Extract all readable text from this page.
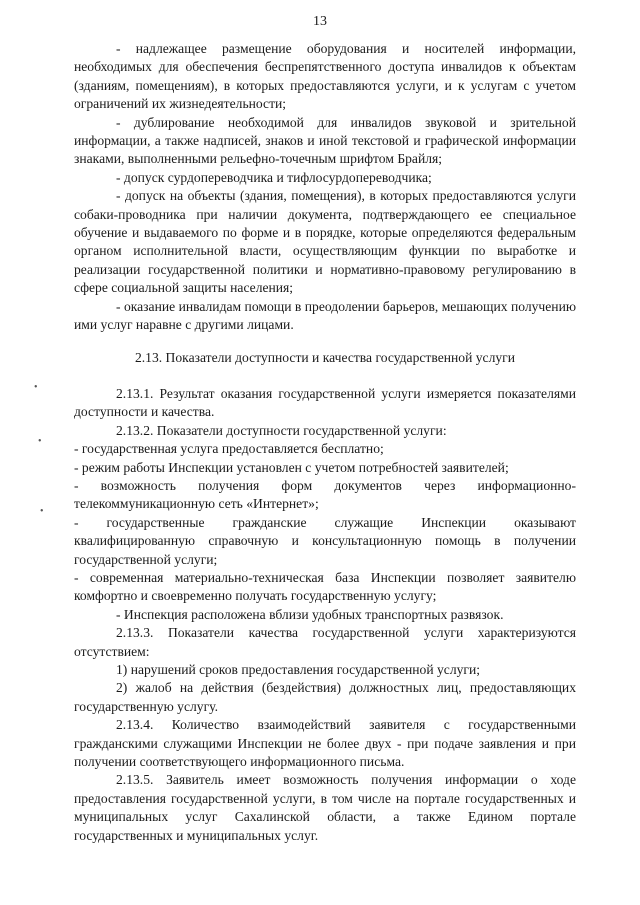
13
•
•
•
- надлежащее размещение оборудования и носителей информации, необходимых для обеспечения беспрепятственного доступа инвалидов к объектам (зданиям, помещениям), в которых предоставляются услуги, и к услугам с учетом ограничений их жизнедеятельности;
- дублирование необходимой для инвалидов звуковой и зрительной информации, а также надписей, знаков и иной текстовой и графической информации знаками, выполненными рельефно-точечным шрифтом Брайля;
- допуск сурдопереводчика и тифлосурдопереводчика;
- допуск на объекты (здания, помещения), в которых предоставляются услуги собаки-проводника при наличии документа, подтверждающего ее специальное обучение и выдаваемого по форме и в порядке, которые определяются федеральным органом исполнительной власти, осуществляющим функции по выработке и реализации государственной политики и нормативно-правовому регулированию в сфере социальной защиты населения;
- оказание инвалидам помощи в преодолении барьеров, мешающих получению ими услуг наравне с другими лицами.
2.13. Показатели доступности и качества государственной услуги
2.13.1. Результат оказания государственной услуги измеряется показателями доступности и качества.
2.13.2. Показатели доступности государственной услуги:
- государственная услуга предоставляется бесплатно;
- режим работы Инспекции установлен с учетом потребностей заявителей;
- возможность получения форм документов через информационно-телекоммуникационную сеть «Интернет»;
- государственные гражданские служащие Инспекции оказывают квалифицированную справочную и консультационную помощь в получении государственной услуги;
- современная материально-техническая база Инспекции позволяет заявителю комфортно и своевременно получать государственную услугу;
- Инспекция расположена вблизи удобных транспортных развязок.
2.13.3. Показатели качества государственной услуги характеризуются отсутствием:
1) нарушений сроков предоставления государственной услуги;
2) жалоб на действия (бездействия) должностных лиц, предоставляющих государственную услугу.
2.13.4. Количество взаимодействий заявителя с государственными гражданскими служащими Инспекции не более двух - при подаче заявления и при получении соответствующего информационного письма.
2.13.5. Заявитель имеет возможность получения информации о ходе предоставления государственной услуги, в том числе на портале государственных и муниципальных услуг Сахалинской области, а также Едином портале государственных и муниципальных услуг.
